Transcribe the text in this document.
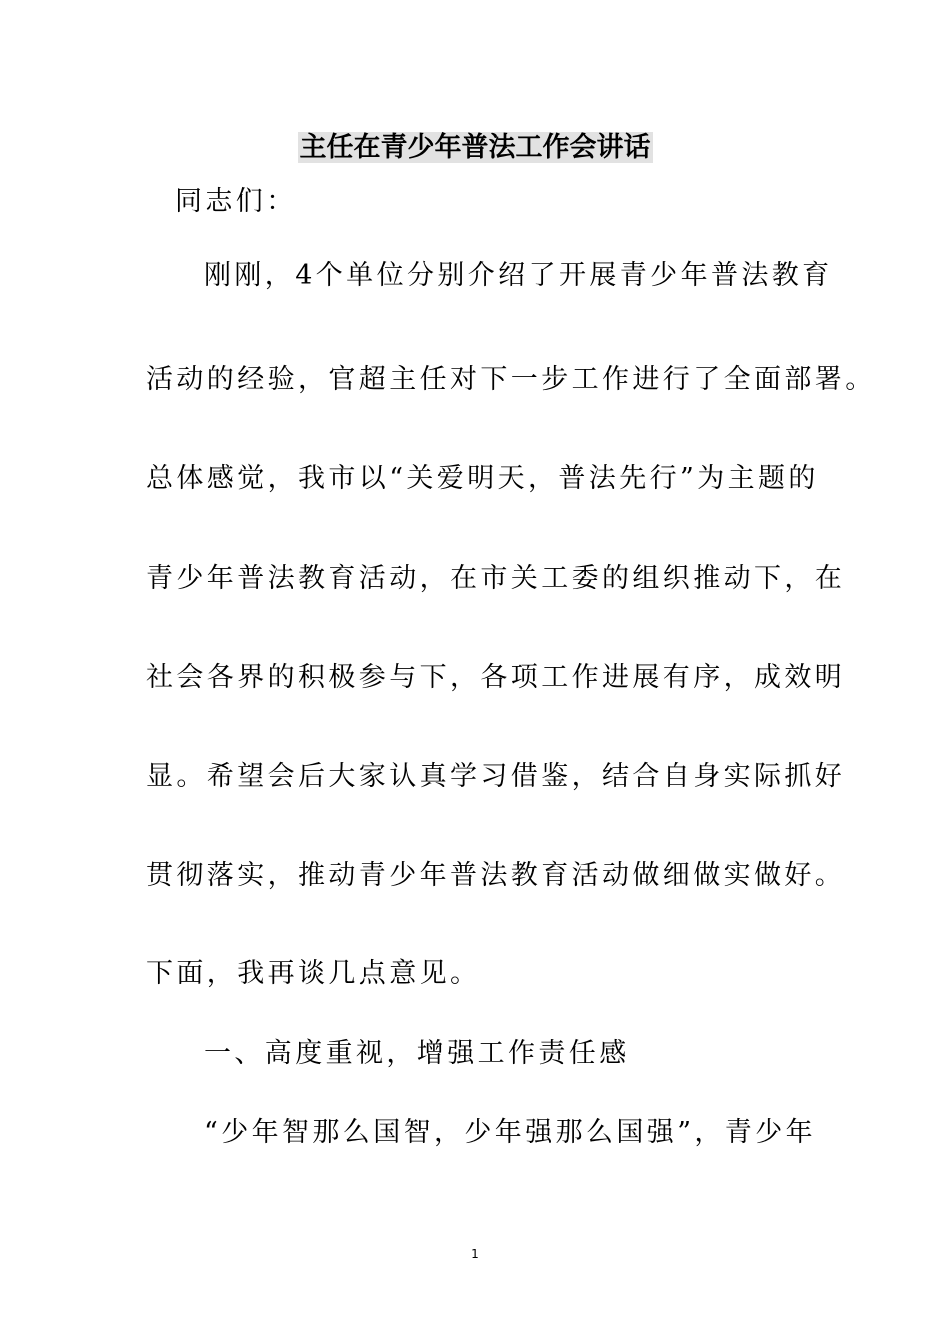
主任在青少年普法工作会讲话
同志们：
刚刚，4个单位分别介绍了开展青少年普法教育
活动的经验，官超主任对下一步工作进行了全面部署。
总体感觉，我市以“关爱明天，普法先行”为主题的
青少年普法教育活动，在市关工委的组织推动下，在
社会各界的积极参与下，各项工作进展有序，成效明
显。希望会后大家认真学习借鉴，结合自身实际抓好
贯彻落实，推动青少年普法教育活动做细做实做好。
下面，我再谈几点意见。
一、高度重视，增强工作责任感
“少年智那么国智，少年强那么国强”，青少年
1
